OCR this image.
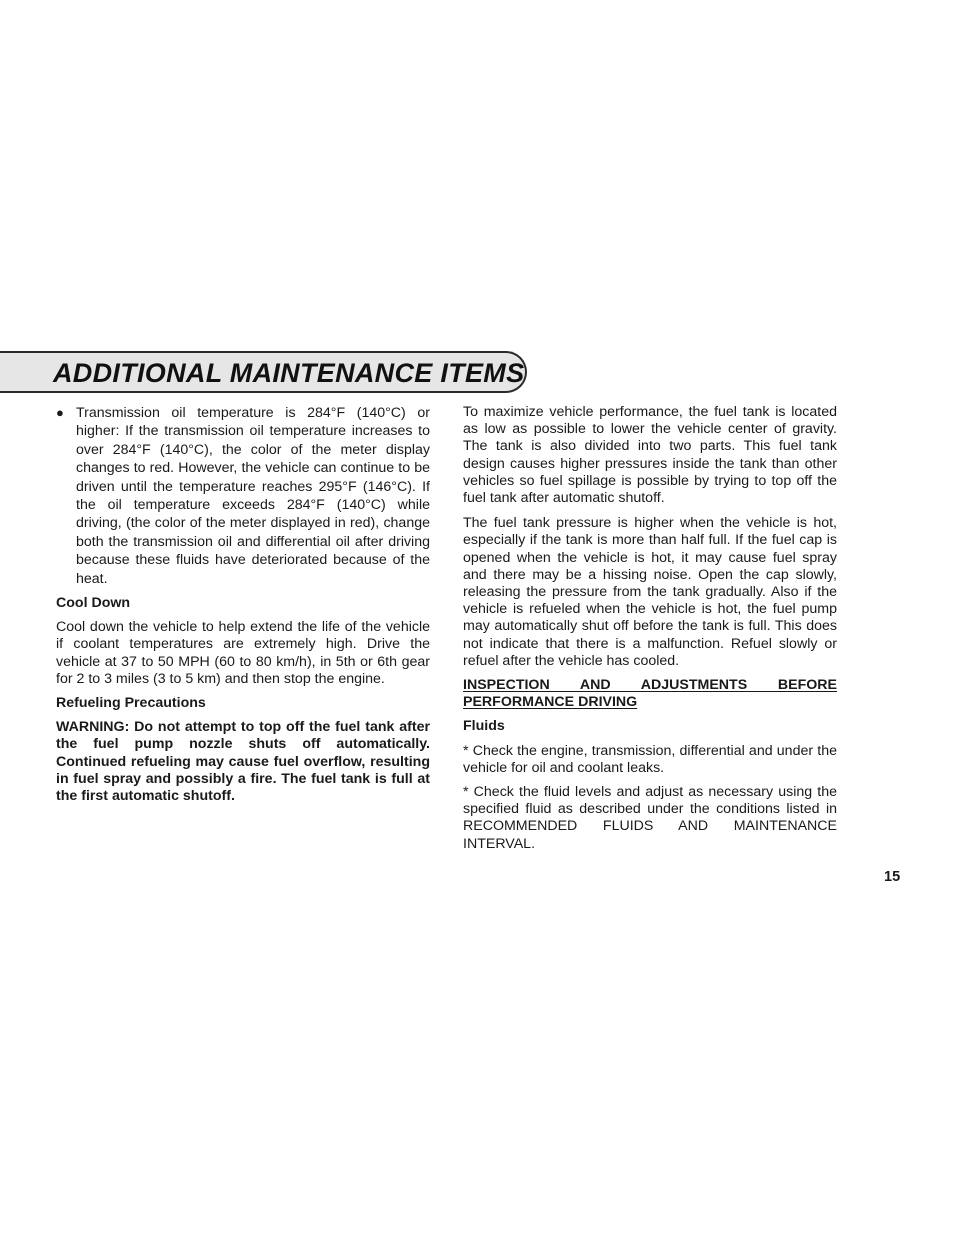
ADDITIONAL MAINTENANCE ITEMS
● Transmission oil temperature is 284°F (140°C) or higher: If the transmission oil temperature increases to over 284°F (140°C), the color of the meter display changes to red. However, the vehicle can continue to be driven until the temperature reaches 295°F (146°C). If the oil temperature exceeds 284°F (140°C) while driving, (the color of the meter displayed in red), change both the transmission oil and differential oil after driving because these fluids have deteriorated because of the heat.

Cool Down

Cool down the vehicle to help extend the life of the vehicle if coolant temperatures are extremely high. Drive the vehicle at 37 to 50 MPH (60 to 80 km/h), in 5th or 6th gear for 2 to 3 miles (3 to 5 km) and then stop the engine.

Refueling Precautions

WARNING: Do not attempt to top off the fuel tank after the fuel pump nozzle shuts off automatically. Continued refueling may cause fuel overflow, resulting in fuel spray and possibly a fire. The fuel tank is full at the first automatic shutoff.

To maximize vehicle performance, the fuel tank is located as low as possible to lower the vehicle center of gravity. The tank is also divided into two parts. This fuel tank design causes higher pressures inside the tank than other vehicles so fuel spillage is possible by trying to top off the fuel tank after automatic shutoff.

The fuel tank pressure is higher when the vehicle is hot, especially if the tank is more than half full. If the fuel cap is opened when the vehicle is hot, it may cause fuel spray and there may be a hissing noise. Open the cap slowly, releasing the pressure from the tank gradually. Also if the vehicle is refueled when the vehicle is hot, the fuel pump may automatically shut off before the tank is full. This does not indicate that there is a malfunction. Refuel slowly or refuel after the vehicle has cooled.

INSPECTION AND ADJUSTMENTS BEFORE PERFORMANCE DRIVING

Fluids

* Check the engine, transmission, differential and under the vehicle for oil and coolant leaks.

* Check the fluid levels and adjust as necessary using the specified fluid as described under the conditions listed in RECOMMENDED FLUIDS AND MAINTENANCE INTERVAL.

15
